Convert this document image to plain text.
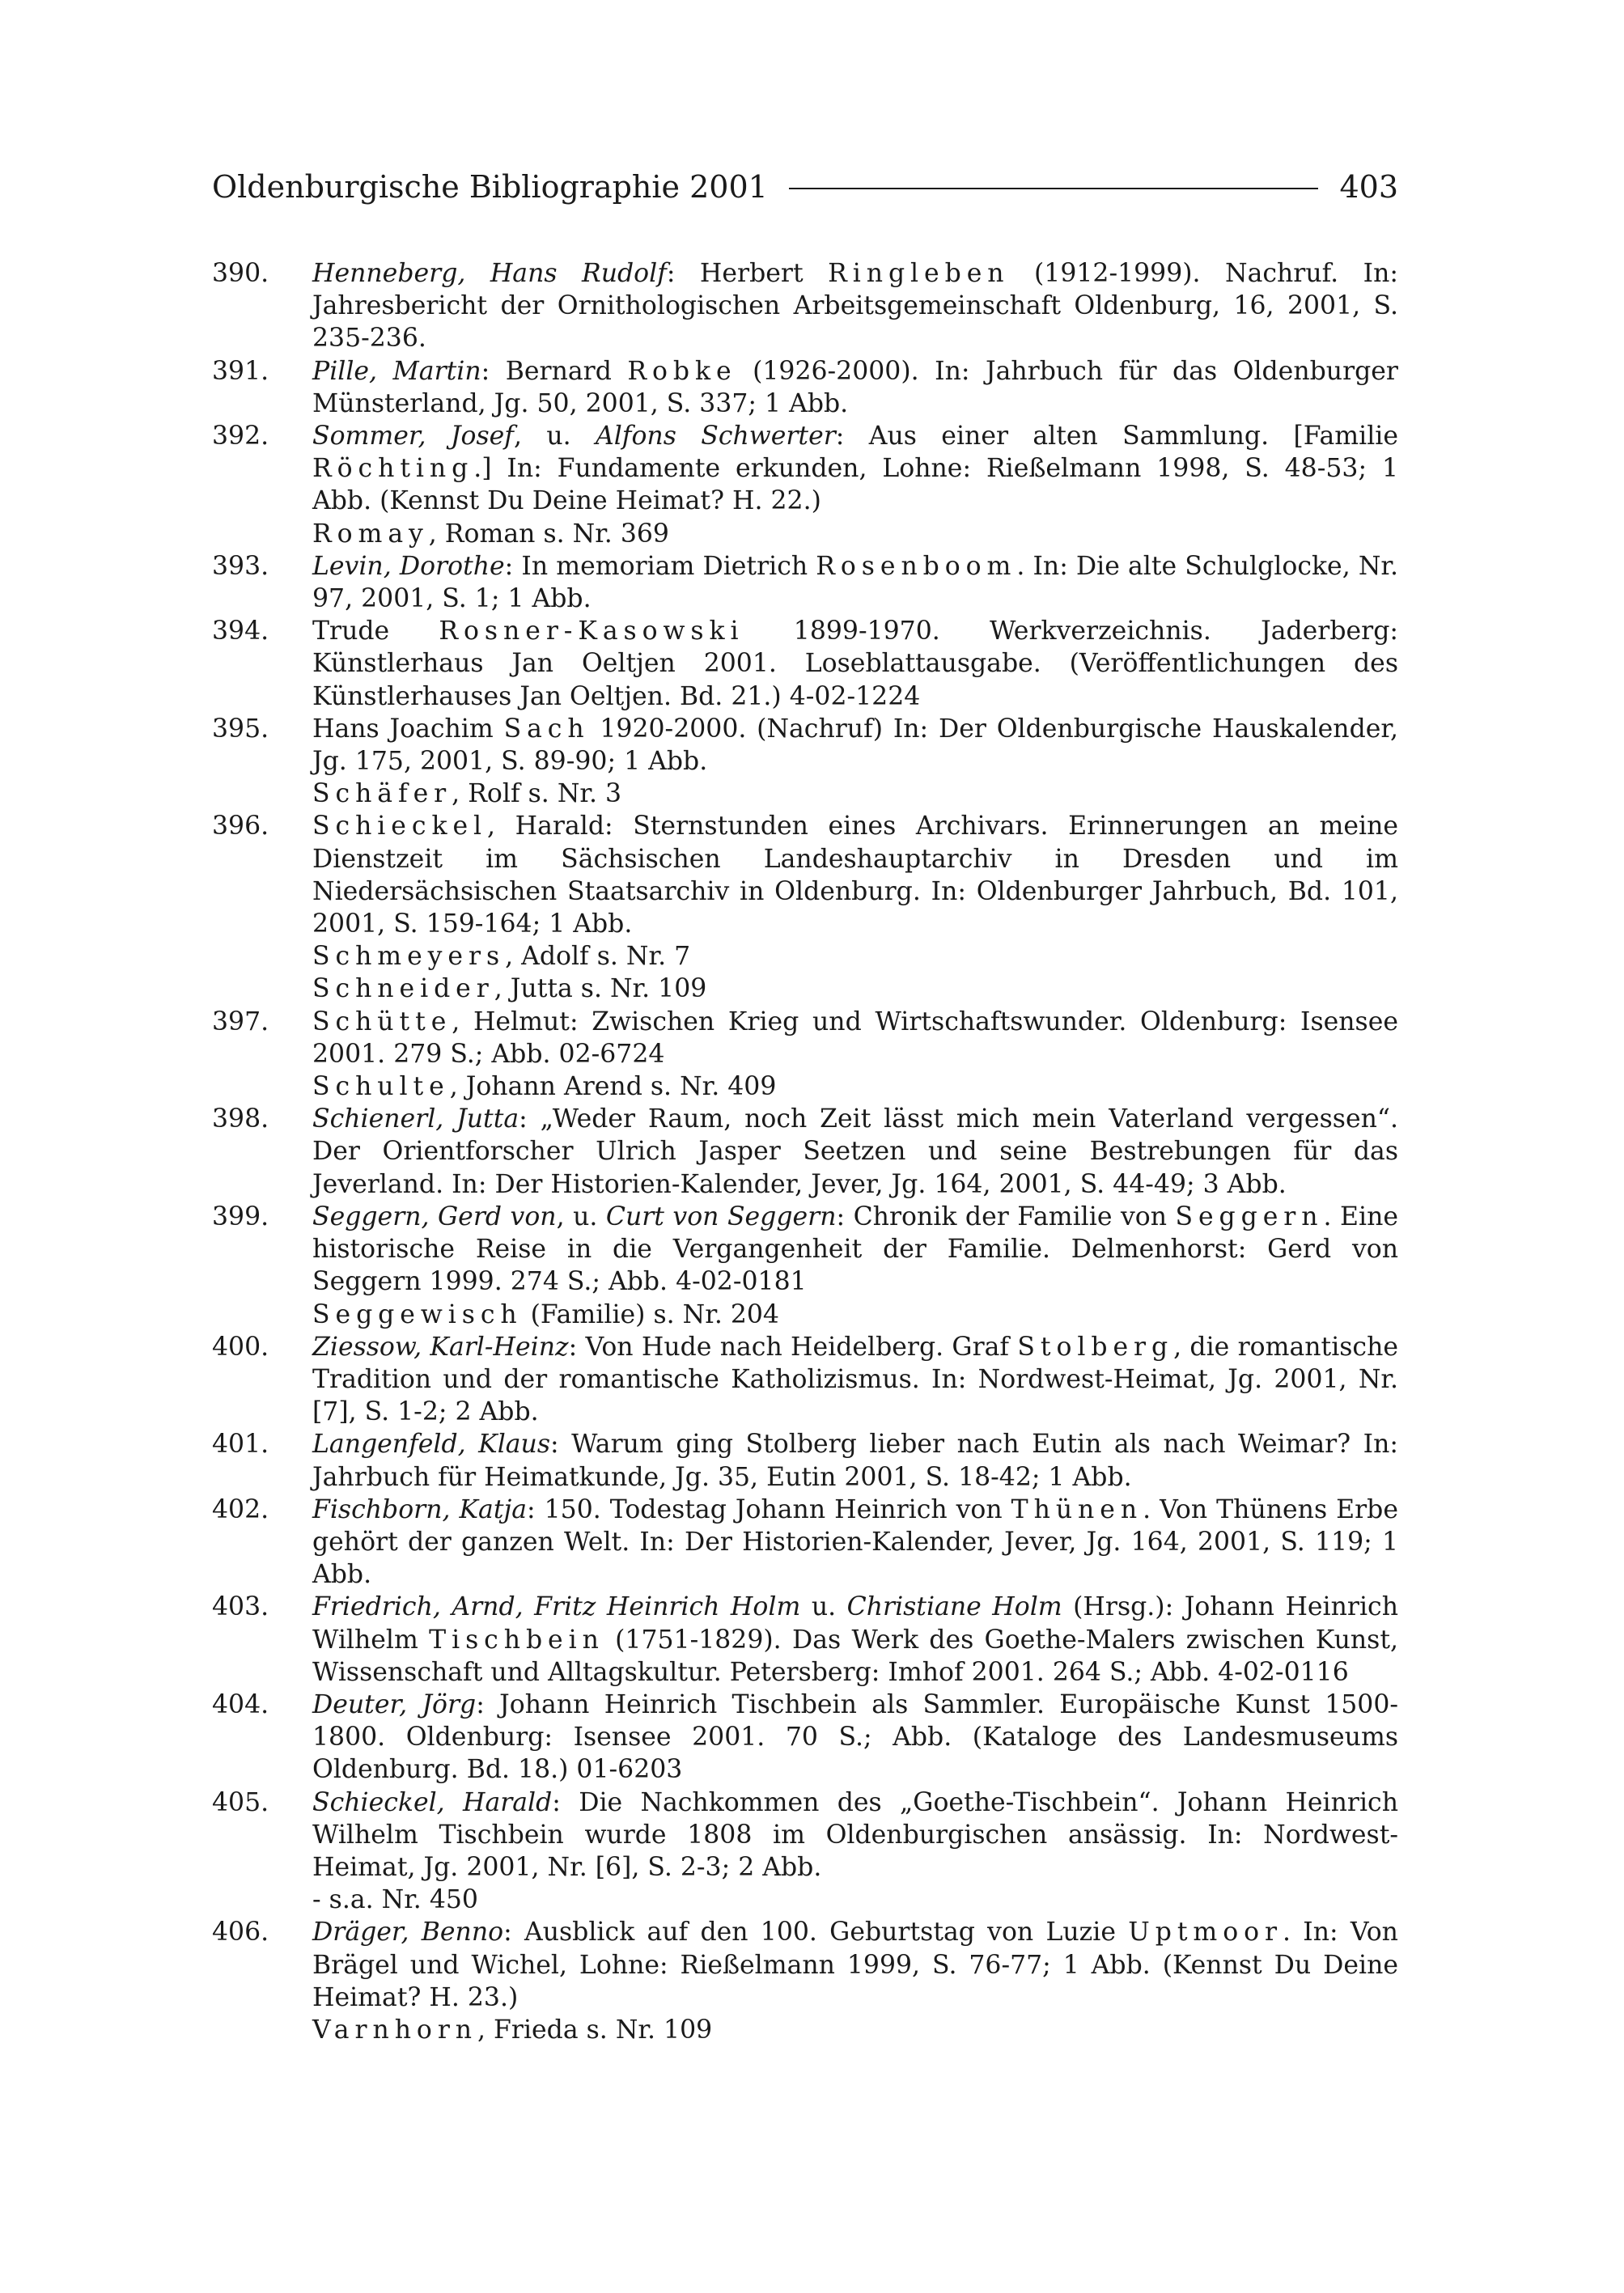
Oldenburgische Bibliographie 2001	403
390. Henneberg, Hans Rudolf: Herbert Ringleben (1912-1999). Nachruf. In: Jahresbericht der Ornithologischen Arbeitsgemeinschaft Oldenburg, 16, 2001, S. 235-236.
391. Pille, Martin: Bernard Robke (1926-2000). In: Jahrbuch für das Oldenburger Münsterland, Jg. 50, 2001, S. 337; 1 Abb.
392. Sommer, Josef, u. Alfons Schwerter: Aus einer alten Sammlung. [Familie Röchting.] In: Fundamente erkunden, Lohne: Rießelmann 1998, S. 48-53; 1 Abb. (Kennst Du Deine Heimat? H. 22.)
Romay, Roman s. Nr. 369
393. Levin, Dorothe: In memoriam Dietrich Rosenboom. In: Die alte Schulglocke, Nr. 97, 2001, S. 1; 1 Abb.
394. Trude Rosner-Kasowski 1899-1970. Werkverzeichnis. Jaderberg: Künstlerhaus Jan Oeltjen 2001. Loseblattausgabe. (Veröffentlichungen des Künstlerhauses Jan Oeltjen. Bd. 21.) 4-02-1224
395. Hans Joachim Sach 1920-2000. (Nachruf) In: Der Oldenburgische Hauskalender, Jg. 175, 2001, S. 89-90; 1 Abb.
Schäfer, Rolf s. Nr. 3
396. Schieckel, Harald: Sternstunden eines Archivars. Erinnerungen an meine Dienstzeit im Sächsischen Landeshauptarchiv in Dresden und im Niedersächsischen Staatsarchiv in Oldenburg. In: Oldenburger Jahrbuch, Bd. 101, 2001, S. 159-164; 1 Abb.
Schmeyers, Adolf s. Nr. 7
Schneider, Jutta s. Nr. 109
397. Schütte, Helmut: Zwischen Krieg und Wirtschaftswunder. Oldenburg: Isensee 2001. 279 S.; Abb. 02-6724
Schulte, Johann Arend s. Nr. 409
398. Schienerl, Jutta: „Weder Raum, noch Zeit lässt mich mein Vaterland vergessen“. Der Orientforscher Ulrich Jasper Seetzen und seine Bestrebungen für das Jeverland. In: Der Historien-Kalender, Jever, Jg. 164, 2001, S. 44-49; 3 Abb.
399. Seggern, Gerd von, u. Curt von Seggern: Chronik der Familie von Seggern. Eine historische Reise in die Vergangenheit der Familie. Delmenhorst: Gerd von Seggern 1999. 274 S.; Abb. 4-02-0181
Seggewisch (Familie) s. Nr. 204
400. Ziessow, Karl-Heinz: Von Hude nach Heidelberg. Graf Stolberg, die romantische Tradition und der romantische Katholizismus. In: Nordwest-Heimat, Jg. 2001, Nr. [7], S. 1-2; 2 Abb.
401. Langenfeld, Klaus: Warum ging Stolberg lieber nach Eutin als nach Weimar? In: Jahrbuch für Heimatkunde, Jg. 35, Eutin 2001, S. 18-42; 1 Abb.
402. Fischborn, Katja: 150. Todestag Johann Heinrich von Thünen. Von Thünens Erbe gehört der ganzen Welt. In: Der Historien-Kalender, Jever, Jg. 164, 2001, S. 119; 1 Abb.
403. Friedrich, Arnd, Fritz Heinrich Holm u. Christiane Holm (Hrsg.): Johann Heinrich Wilhelm Tischbein (1751-1829). Das Werk des Goethe-Malers zwischen Kunst, Wissenschaft und Alltagskultur. Petersberg: Imhof 2001. 264 S.; Abb. 4-02-0116
404. Deuter, Jörg: Johann Heinrich Tischbein als Sammler. Europäische Kunst 1500-1800. Oldenburg: Isensee 2001. 70 S.; Abb. (Kataloge des Landesmuseums Oldenburg. Bd. 18.) 01-6203
405. Schieckel, Harald: Die Nachkommen des „Goethe-Tischbein“. Johann Heinrich Wilhelm Tischbein wurde 1808 im Oldenburgischen ansässig. In: Nordwest-Heimat, Jg. 2001, Nr. [6], S. 2-3; 2 Abb.
- s.a. Nr. 450
406. Dräger, Benno: Ausblick auf den 100. Geburtstag von Luzie Uptmoor. In: Von Brägel und Wichel, Lohne: Rießelmann 1999, S. 76-77; 1 Abb. (Kennst Du Deine Heimat? H. 23.)
Varnhorn, Frieda s. Nr. 109
